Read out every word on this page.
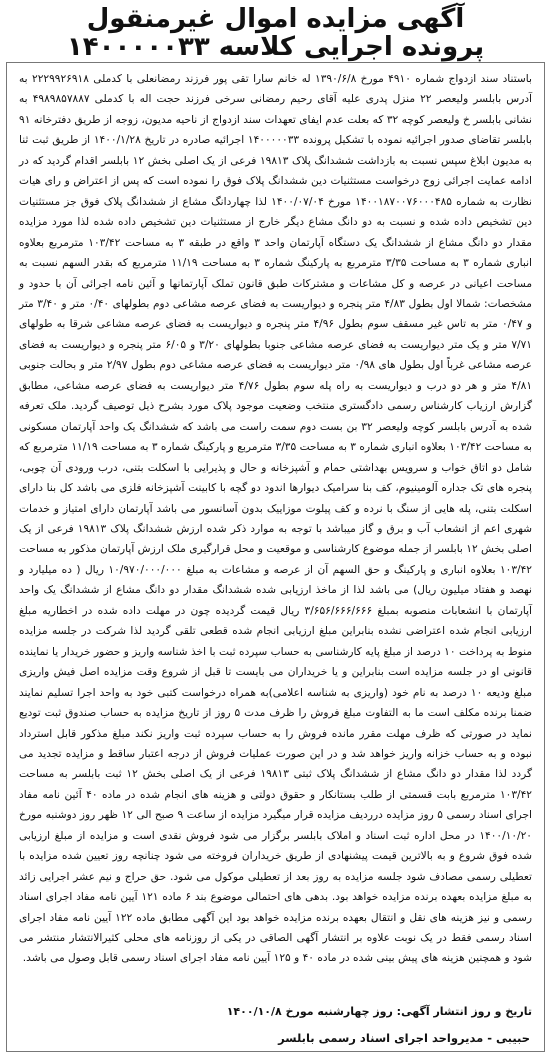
آگهی مزایده اموال غیرمنقول
پرونده اجرایی کلاسه ۱۴۰۰۰۰۰۳۳

باستناد سند ازدواج شماره ۴۹۱۰ مورخ ۱۳۹۰/۶/۸ له خانم سارا تقی پور فرزند رمضانعلی با کدملی ۲۲۲۹۹۲۶۹۱۸ به آدرس بابلسر ولیعصر ۲۲ منزل پدری علیه آقای رحیم رمضانی سرخی فرزند حجت اله با کدملی ۴۹۸۹۸۵۷۸۸۷ به نشانی بابلسر خ ولیعصر کوچه ۳۲ که بعلت عدم ایفای تعهدات سند ازدواج از ناحیه مدیون، زوجه از طریق دفترخانه ۹۱ بابلسر تقاضای صدور اجرائیه نموده با تشکیل پرونده ۱۴۰۰۰۰۰۳۳ اجرائیه صادره در تاریخ ۱۴۰۰/۱/۲۸ از طریق ثبت ثنا به مدیون ابلاغ سپس نسبت به بازداشت ششدانگ پلاک ۱۹۸۱۳ فرعی از یک اصلی بخش ۱۲ بابلسر اقدام گردید که در ادامه عمایت اجرائی زوج درخواست مستثنیات دین ششدانگ پلاک فوق را نموده است که پس از اعتراض و رای هیات نظارت به شماره ۱۴۰۰۱۸۷۰۰۷۶۰۰۰۴۸۵ مورخ ۱۴۰۰/۰۷/۰۴ لذا چهاردانگ مشاع از ششدانگ پلاک فوق جز مستثنیات دین تشخیص داده شده و نسبت به دو دانگ مشاع دیگر خارج از مستثنیات دین تشخیص داده شده لذا مورد مزایده مقدار دو دانگ مشاع از ششدانگ یک دستگاه آپارتمان واحد ۳ واقع در طبقه ۳ به مساحت ۱۰۳/۴۲ مترمربع بعلاوه انباری شماره ۳ به مساحت ۳/۳۵ مترمربع به پارکینگ شماره ۳ به مساحت ۱۱/۱۹ مترمربع که بقدر السهم نسبت به مساحت اعیانی در عرصه و کل مشاعات و مشترکات طبق قانون تملک آپارتمانها و آئین نامه اجرائی آن با حدود و مشخصات: شمالا اول بطول ۴/۸۳ متر پنجره و دیواریست به فضای عرصه مشاعی دوم بطولهای ۰/۴۰ متر و ۳/۴۰ متر و ۰/۴۷ متر به تاس غیر مسقف سوم بطول ۴/۹۶ متر پنجره و دیواریست به فضای عرصه مشاعی شرقا به طولهای ۷/۷۱ متر و یک متر دیواریست به فضای عرصه مشاعی جنوبا بطولهای ۳/۲۰ و ۶/۰۵ متر پنجره و دیواریست به فضای عرصه مشاعی غرباً اول بطول های ۰/۹۸ متر دیواریست به فضای عرصه مشاعی دوم بطول ۲/۹۷ متر و بحالت جنوبی ۴/۸۱ متر و هر دو درب و دیواریست به راه پله سوم بطول ۴/۷۶ متر دیواریست به فضای عرصه مشاعی، مطابق گزارش ارزیاب کارشناس رسمی دادگستری منتخب وضعیت موجود پلاک مورد بشرح ذیل توصیف گردید. ملک تعرفه شده به آدرس بابلسر کوچه ولیعصر ۳۲ بن بست دوم سمت راست می باشد که ششدانگ یک واحد آپارتمان مسکونی به مساحت ۱۰۳/۴۲ بعلاوه انباری شماره ۳ به مساحت ۳/۳۵ مترمربع و پارکینگ شماره ۳ به مساحت ۱۱/۱۹ مترمربع که شامل دو اتاق خواب و سرویس بهداشتی حمام و آشپزخانه و حال و پذیرایی با اسکلت بتنی، درب ورودی آن چوبی، پنجره های تک جداره آلومینیوم، کف بنا سرامیک دیوارها اندود دو گچه با کابینت آشپزخانه فلزی می باشد کل بنا دارای اسکلت بتنی، پله هایی از سنگ با نرده و کف پیلوت موزاییک بدون آسانسور می باشد آپارتمان دارای امتیاز و خدمات شهری اعم از انشعاب آب و برق و گاز میباشد با توجه به موارد ذکر شده ارزش ششدانگ پلاک ۱۹۸۱۳ فرعی از یک اصلی بخش ۱۲ بابلسر از جمله موضوع کارشناسی و موقعیت و محل قرارگیری ملک ارزش آپارتمان مذکور به مساحت ۱۰۳/۴۲ بعلاوه انباری و پارکینگ و حق السهم آن از عرصه و مشاعات به مبلغ ۱۰/۹۷۰/۰۰۰/۰۰۰ ریال ( ده میلیارد و نهصد و هفتاد میلیون ریال) می باشد لذا از ماخذ ارزیابی شده ششدانگ مقدار دو دانگ مشاع از ششدانگ یک واحد آپارتمان با انشعابات منصوبه بمبلغ ۳/۶۵۶/۶۶۶/۶۶۶ ریال قیمت گردیده چون در مهلت داده شده در اخطاریه مبلغ ارزیابی انجام شده اعتراضی نشده بنابراین مبلغ ارزیابی انجام شده قطعی تلقی گردید لذا شرکت در جلسه مزایده منوط به پرداخت ۱۰ درصد از مبلغ پایه کارشناسی به حساب سپرده ثبت با اخذ شناسه واریز و حضور خریدار یا نماینده قانونی او در جلسه مزایده است بنابراین و یا خریداران می بایست تا قبل از شروع وقت مزایده اصل فیش واریزی مبلغ ودیعه ۱۰ درصد به نام خود (واریزی به شناسه اعلامی)به همراه درخواست کتبی خود به واحد اجرا تسلیم نمایند ضمنا برنده مکلف است ما به التفاوت مبلغ فروش را ظرف مدت ۵ روز از تاریخ مزایده به حساب صندوق ثبت تودیع نماید در صورتی که ظرف مهلت مقرر مانده فروش را به حساب سپرده ثبت واریز نکند مبلغ مذکور قابل استرداد نبوده و به حساب خزانه واریز خواهد شد و در این صورت عملیات فروش از درجه اعتبار ساقط و مزایده تجدید می گردد لذا مقدار دو دانگ مشاع از ششدانگ پلاک ثبتی ۱۹۸۱۳ فرعی از یک اصلی بخش ۱۲ ثبت بابلسر به مساحت ۱۰۳/۴۲ مترمربع بابت قسمتی از طلب بستانکار و حقوق دولتی و هزینه های انجام شده در ماده ۴۰ آئین نامه مفاد اجرای اسناد رسمی ۵ روز مزایده درردیف مزایده قرار میگیرد مزایده از ساعت ۹ صبح الی ۱۲ ظهر روز دوشنبه مورخ ۱۴۰۰/۱۰/۲۰ در محل اداره ثبت اسناد و املاک بابلسر برگزار می شود فروش نقدی است و مزایده از مبلغ ارزیابی شده فوق شروع و به بالاترین قیمت پیشنهادی از طریق خریداران فروخته می شود چنانچه روز تعیین شده مزایده با تعطیلی رسمی مصادف شود جلسه مزایده به روز بعد از تعطیلی موکول می شود. حق حراج و نیم عشر اجرایی زائد به مبلغ مزایده بعهده برنده مزایده خواهد بود. بدهی های احتمالی موضوع بند ۶ ماده ۱۲۱ آیین نامه مفاد اجرای اسناد رسمی و نیز هزینه های نقل و انتقال بعهده برنده مزایده خواهد بود این آگهی مطابق ماده ۱۲۲ آیین نامه مفاد اجرای اسناد رسمی فقط در یک نوبت علاوه بر انتشار آگهی الصاقی در یکی از روزنامه های محلی کثیرالانتشار منتشر می شود و همچنین هزینه های پیش بینی شده در ماده ۴۰ و ۱۲۵ آیین نامه مفاد اجرای اسناد رسمی قابل وصول می باشد.

تاریخ و روز انتشار آگهی: روز چهارشنبه مورخ ۱۴۰۰/۱۰/۸

حبیبی - مدیرواحد اجرای اسناد رسمی بابلسر
